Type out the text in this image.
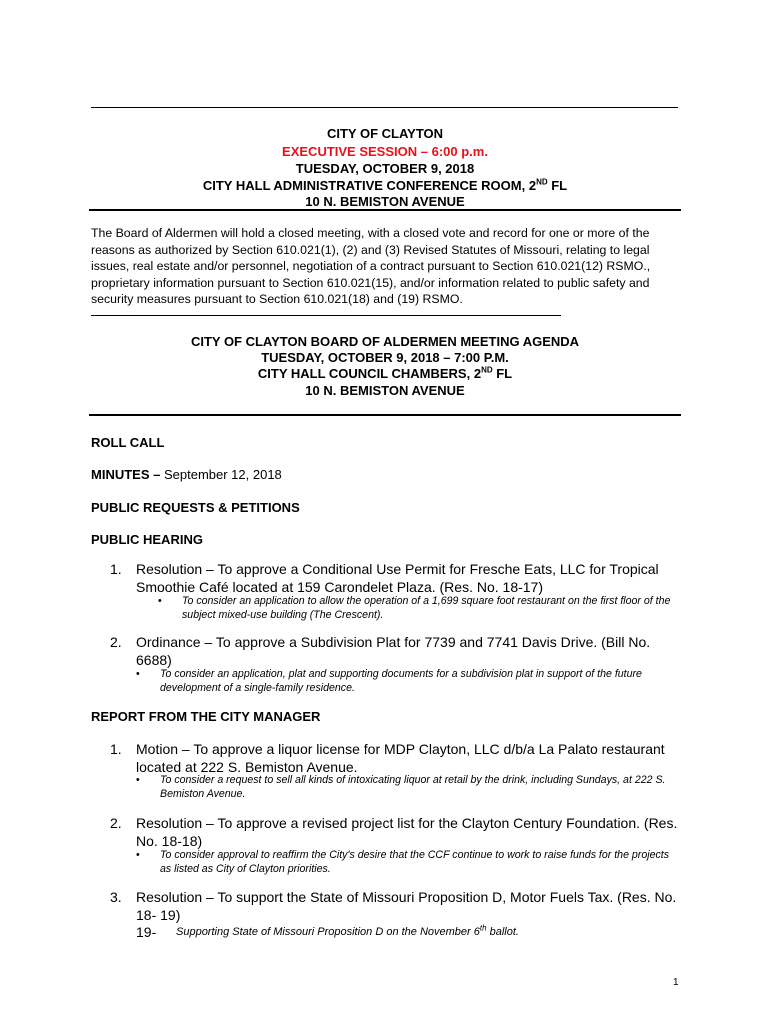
CITY OF CLAYTON
EXECUTIVE SESSION – 6:00 p.m.
TUESDAY, OCTOBER 9, 2018
CITY HALL ADMINISTRATIVE CONFERENCE ROOM, 2ND FL
10 N. BEMISTON AVENUE
The Board of Aldermen will hold a closed meeting, with a closed vote and record for one or more of the reasons as authorized by Section 610.021(1), (2) and (3) Revised Statutes of Missouri, relating to legal issues, real estate and/or personnel, negotiation of a contract pursuant to Section 610.021(12) RSMO., proprietary information pursuant to Section 610.021(15), and/or information related to public safety and security measures pursuant to Section 610.021(18) and (19) RSMO.
CITY OF CLAYTON BOARD OF ALDERMEN MEETING AGENDA
TUESDAY, OCTOBER 9, 2018 – 7:00 P.M.
CITY HALL COUNCIL CHAMBERS, 2ND FL
10 N. BEMISTON AVENUE
ROLL CALL
MINUTES – September 12, 2018
PUBLIC REQUESTS & PETITIONS
PUBLIC HEARING
1. Resolution – To approve a Conditional Use Permit for Fresche Eats, LLC for Tropical Smoothie Café located at 159 Carondelet Plaza. (Res. No. 18-17)
• To consider an application to allow the operation of a 1,699 square foot restaurant on the first floor of the subject mixed-use building (The Crescent).
2. Ordinance – To approve a Subdivision Plat for 7739 and 7741 Davis Drive. (Bill No. 6688)
• To consider an application, plat and supporting documents for a subdivision plat in support of the future development of a single-family residence.
REPORT FROM THE CITY MANAGER
1. Motion – To approve a liquor license for MDP Clayton, LLC d/b/a La Palato restaurant located at 222 S. Bemiston Avenue.
• To consider a request to sell all kinds of intoxicating liquor at retail by the drink, including Sundays, at 222 S. Bemiston Avenue.
2. Resolution – To approve a revised project list for the Clayton Century Foundation. (Res. No. 18-18)
• To consider approval to reaffirm the City's desire that the CCF continue to work to raise funds for the projects as listed as City of Clayton priorities.
3. Resolution – To support the State of Missouri Proposition D, Motor Fuels Tax. (Res. No. 18- 19)
19-	Supporting State of Missouri Proposition D on the November 6th ballot.
1
